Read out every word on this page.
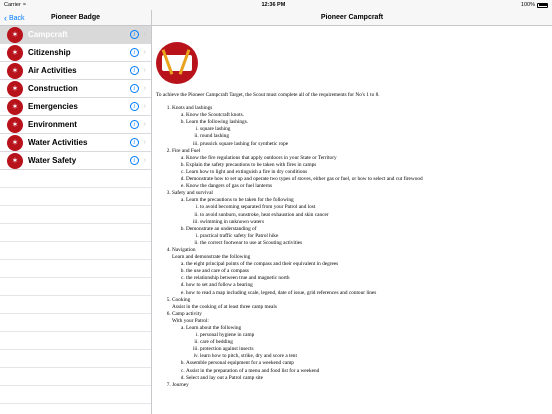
Carrier ≈	12:36 PM	100%
‹ Back	Pioneer Badge
✶	Campcraft	i	›
✶	Citizenship	i	›
✶	Air Activities	i	›
✶	Construction	i	›
✶	Emergencies	i	›
✶	Environment	i	›
✶	Water Activities	i	›
✶	Water Safety	i	›
Pioneer Campcraft

To achieve the Pioneer Campcraft Target, the Scout must complete all of the requirements for No's 1 to 8.

1. Knots and lashings
a. Know the Scoutcraft knots.
b. Learn the following lashings.
i. square lashing
ii. round lashing
iii. prussick square lashing for synthetic rope
2. Fire and Fuel
a. Know the fire regulations that apply outdoors in your State or Territory
b. Explain the safety precautions to be taken with fires in camps
c. Learn how to light and extinguish a fire in dry conditions
d. Demonstrate how to set up and operate two types of stoves, either gas or fuel, or how to select and cut firewood
e. Know the dangers of gas or fuel lanterns
3. Safety and survival
a. Learn the precautions to be taken for the following
i. to avoid becoming separated from your Patrol and lost
ii. to avoid sunburn, sunstroke, heat exhaustion and skin cancer
iii. swimming in unknown waters
b. Demonstrate an understanding of
i. practical traffic safety for Patrol hike
ii. the correct footwear to use at Scouting activities
4. Navigation
Learn and demonstrate the following
a. the eight principal points of the compass and their equivalent in degrees
b. the use and care of a compass
c. the relationship between true and magnetic north
d. how to set and follow a bearing
e. how to read a map including scale, legend, date of issue, grid references and contour lines
5. Cooking
Assist in the cooking of at least three camp meals
6. Camp activity
With your Patrol:
a. Learn about the following
i. personal hygiene in camp
ii. care of bedding
iii. protection against insects
iv. learn how to pitch, strike, dry and score a tent
b. Assemble personal equipment for a weekend camp
c. Assist in the preparation of a menu and food list for a weekend
d. Select and lay out a Patrol camp site
7. Journey
